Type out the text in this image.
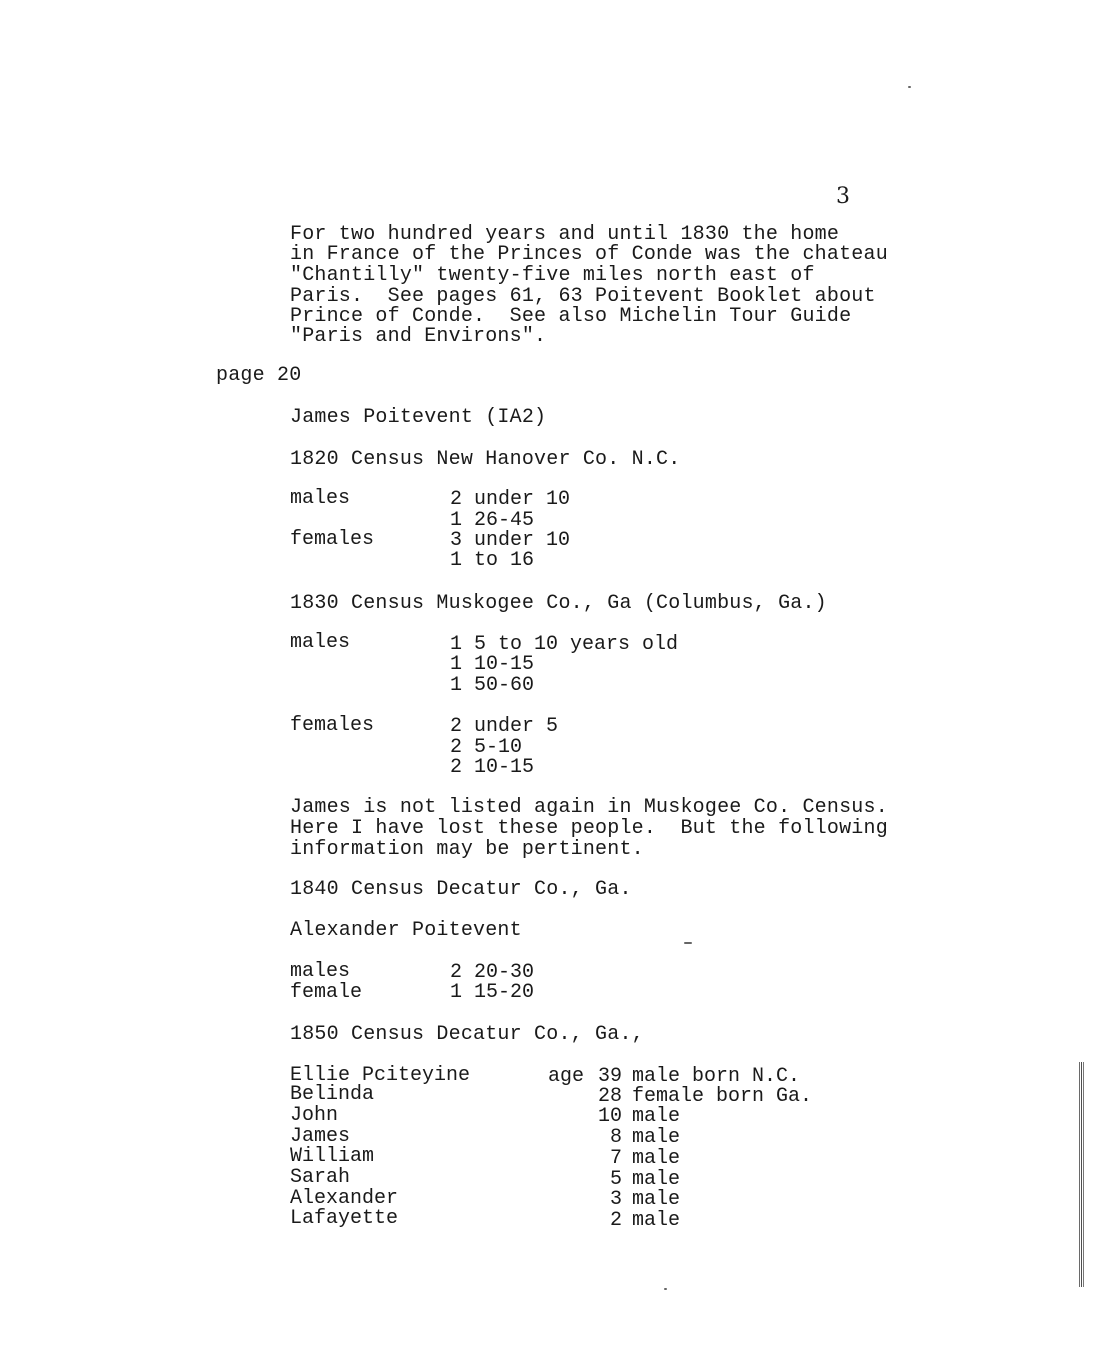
3
For two hundred years and until 1830 the home
in France of the Princes of Conde was the chateau
"Chantilly" twenty-five miles north east of
Paris.  See pages 61, 63 Poitevent Booklet about
Prince of Conde.  See also Michelin Tour Guide
"Paris and Environs".
page 20
James Poitevent (IA2)
1820 Census New Hanover Co. N.C.
males	2 under 10
1 26-45
females	3 under 10
1 to 16
1830 Census Muskogee Co., Ga (Columbus, Ga.)
males	1 5 to 10 years old
1 10-15
1 50-60
females	2 under 5
2 5-10
2 10-15
James is not listed again in Muskogee Co. Census.
Here I have lost these people.  But the following
information may be pertinent.
1840 Census Decatur Co., Ga.
Alexander Poitevent
males	2 20-30
female	1 15-20
1850 Census Decatur Co., Ga.,
age
Ellie Pciteyine	39 male born N.C.
Belinda	28 female born Ga.
John	10 male
James	8 male
William	7 male
Sarah	5 male
Alexander	3 male
Lafayette	2 male
